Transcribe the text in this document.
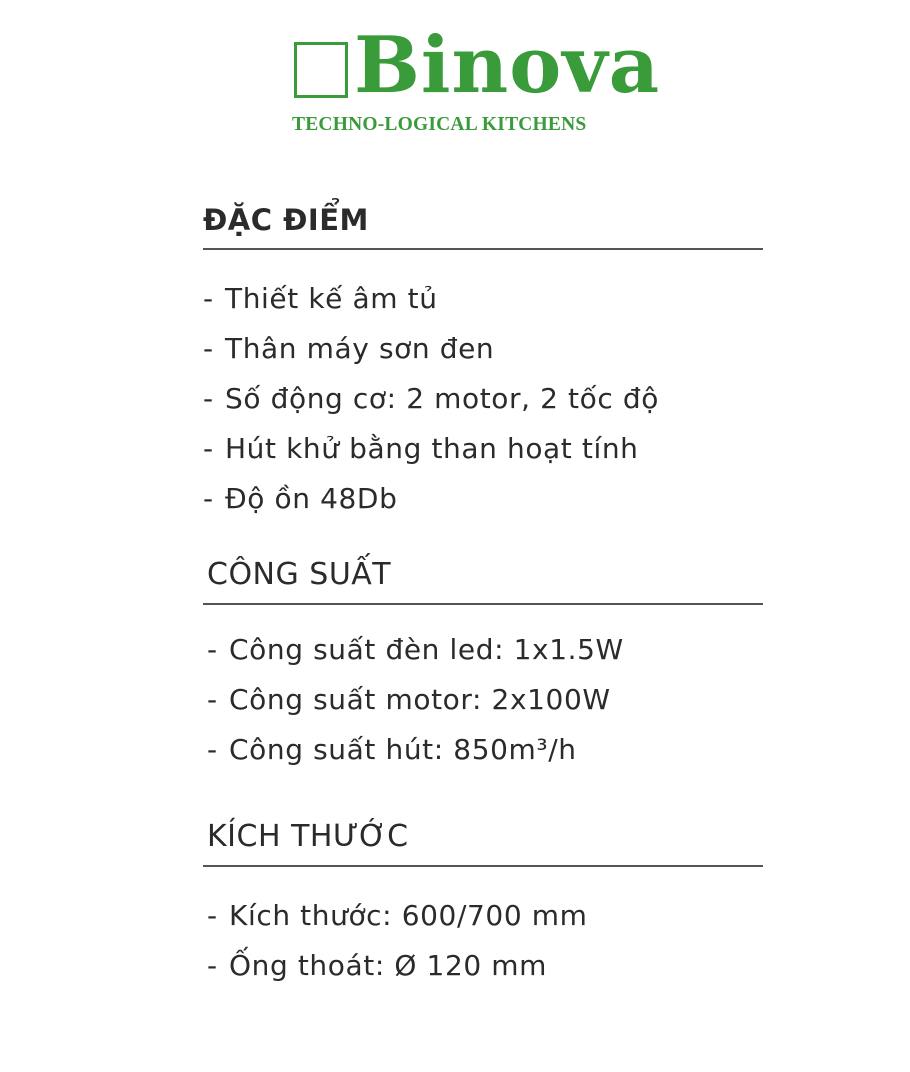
Binova
TECHNO-LOGICAL KITCHENS
ĐẶC ĐIỂM
- Thiết kế âm tủ
- Thân máy sơn đen
- Số động cơ: 2 motor, 2 tốc độ
- Hút khử bằng than hoạt tính
- Độ ồn 48Db
CÔNG SUẤT
- Công suất đèn led: 1x1.5W
- Công suất motor: 2x100W
- Công suất hút: 850m³/h
KÍCH THƯỚC
- Kích thước: 600/700 mm
- Ống thoát: Ø 120 mm
